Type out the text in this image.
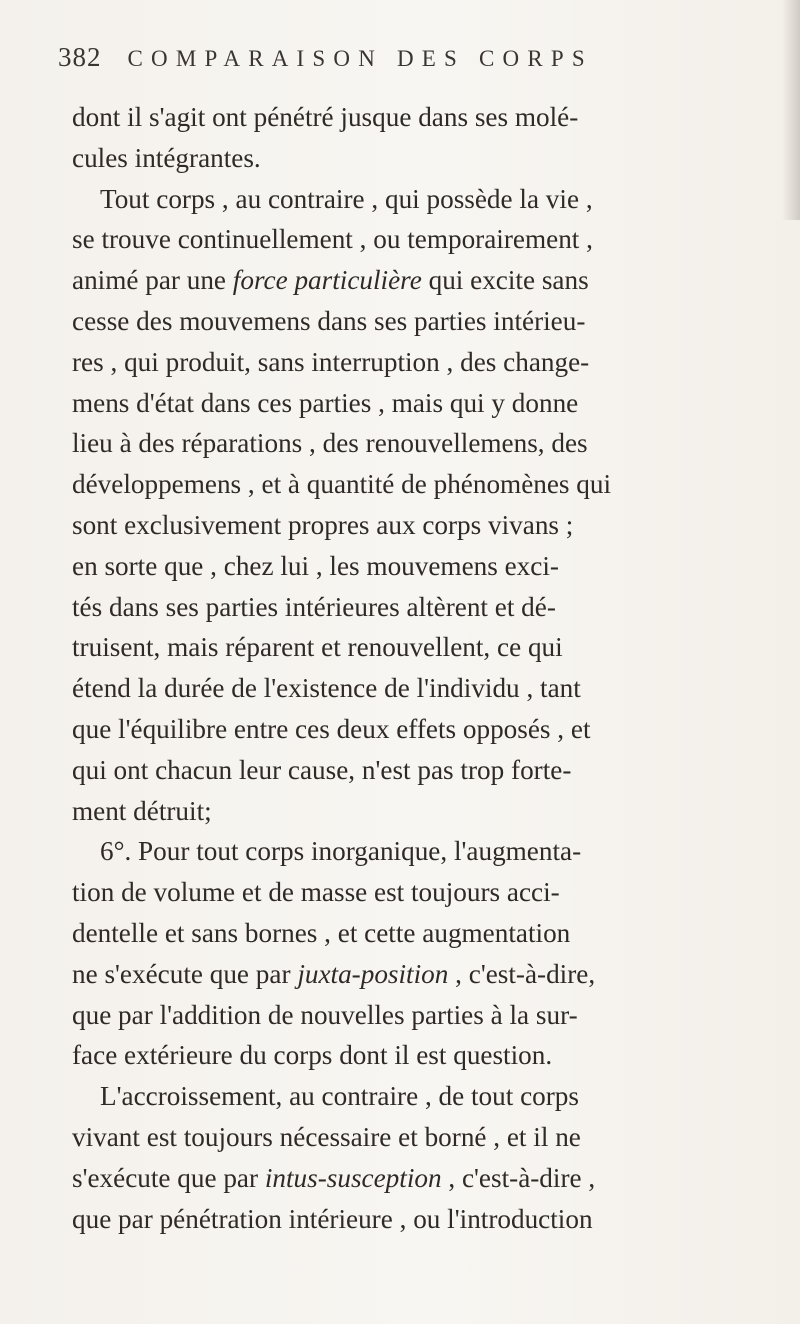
382 COMPARAISON DES CORPS
dont il s'agit ont pénétré jusque dans ses molé-
cules intégrantes.
Tout corps , au contraire , qui possède la vie ,
se trouve continuellement , ou temporairement ,
animé par une force particulière qui excite sans
cesse des mouvemens dans ses parties intérieu-
res , qui produit, sans interruption , des change-
mens d'état dans ces parties , mais qui y donne
lieu à des réparations , des renouvellemens, des
développemens , et à quantité de phénomènes qui
sont exclusivement propres aux corps vivans ;
en sorte que , chez lui , les mouvemens exci-
tés dans ses parties intérieures altèrent et dé-
truisent, mais réparent et renouvellent, ce qui
étend la durée de l'existence de l'individu , tant
que l'équilibre entre ces deux effets opposés , et
qui ont chacun leur cause, n'est pas trop forte-
ment détruit;
6°. Pour tout corps inorganique, l'augmenta-
tion de volume et de masse est toujours acci-
dentelle et sans bornes , et cette augmentation
ne s'exécute que par juxta-position , c'est-à-dire,
que par l'addition de nouvelles parties à la sur-
face extérieure du corps dont il est question.
L'accroissement, au contraire , de tout corps
vivant est toujours nécessaire et borné , et il ne
s'exécute que par intus-susception , c'est-à-dire ,
que par pénétration intérieure , ou l'introduction
